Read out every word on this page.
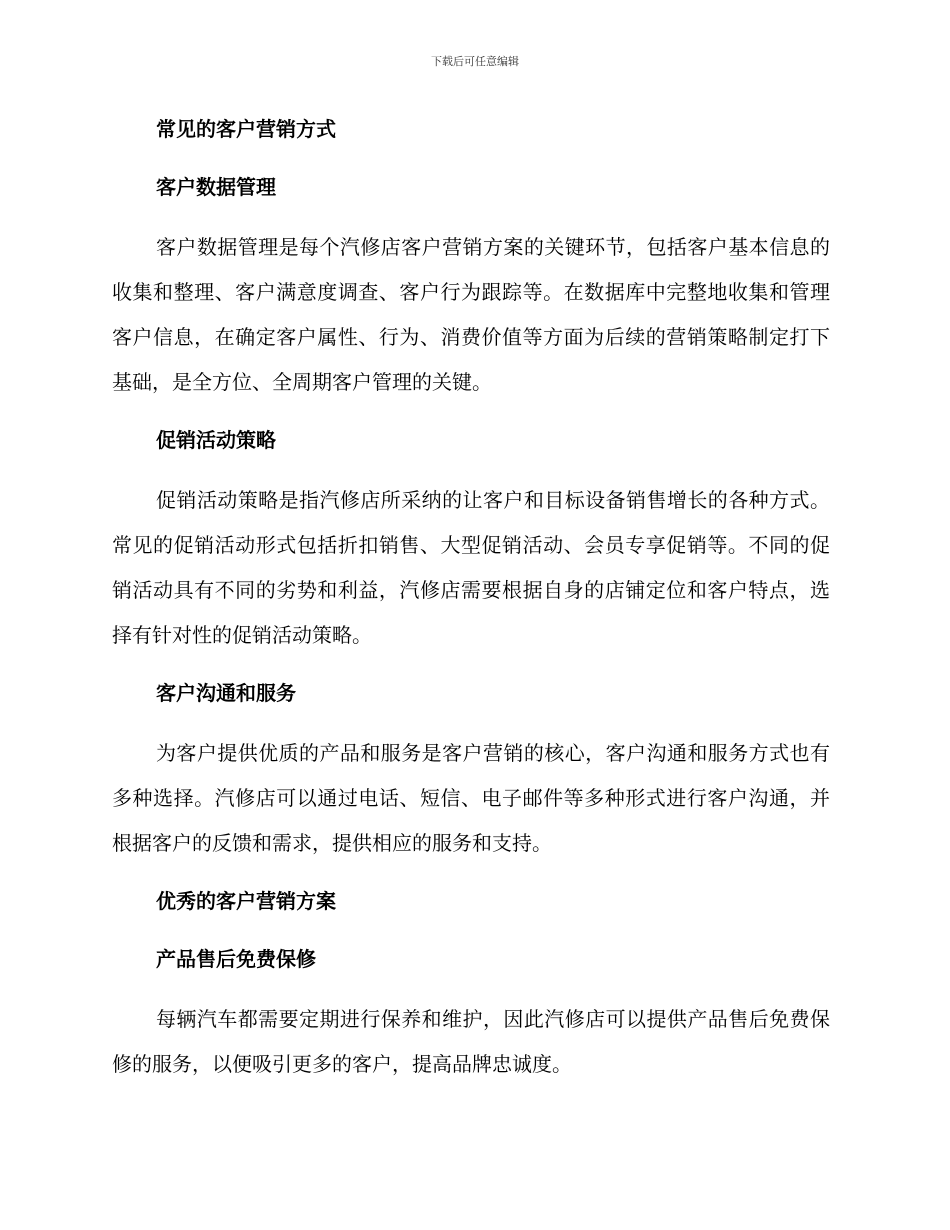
下载后可任意编辑
常见的客户营销方式
客户数据管理

客户数据管理是每个汽修店客户营销方案的关键环节，包括客户基本信息的收集和整理、客户满意度调查、客户行为跟踪等。在数据库中完整地收集和管理客户信息，在确定客户属性、行为、消费价值等方面为后续的营销策略制定打下基础，是全方位、全周期客户管理的关键。

促销活动策略

促销活动策略是指汽修店所采纳的让客户和目标设备销售增长的各种方式。常见的促销活动形式包括折扣销售、大型促销活动、会员专享促销等。不同的促销活动具有不同的劣势和利益，汽修店需要根据自身的店铺定位和客户特点，选择有针对性的促销活动策略。

客户沟通和服务

为客户提供优质的产品和服务是客户营销的核心，客户沟通和服务方式也有多种选择。汽修店可以通过电话、短信、电子邮件等多种形式进行客户沟通，并根据客户的反馈和需求，提供相应的服务和支持。

优秀的客户营销方案
产品售后免费保修

每辆汽车都需要定期进行保养和维护，因此汽修店可以提供产品售后免费保修的服务，以便吸引更多的客户，提高品牌忠诚度。
